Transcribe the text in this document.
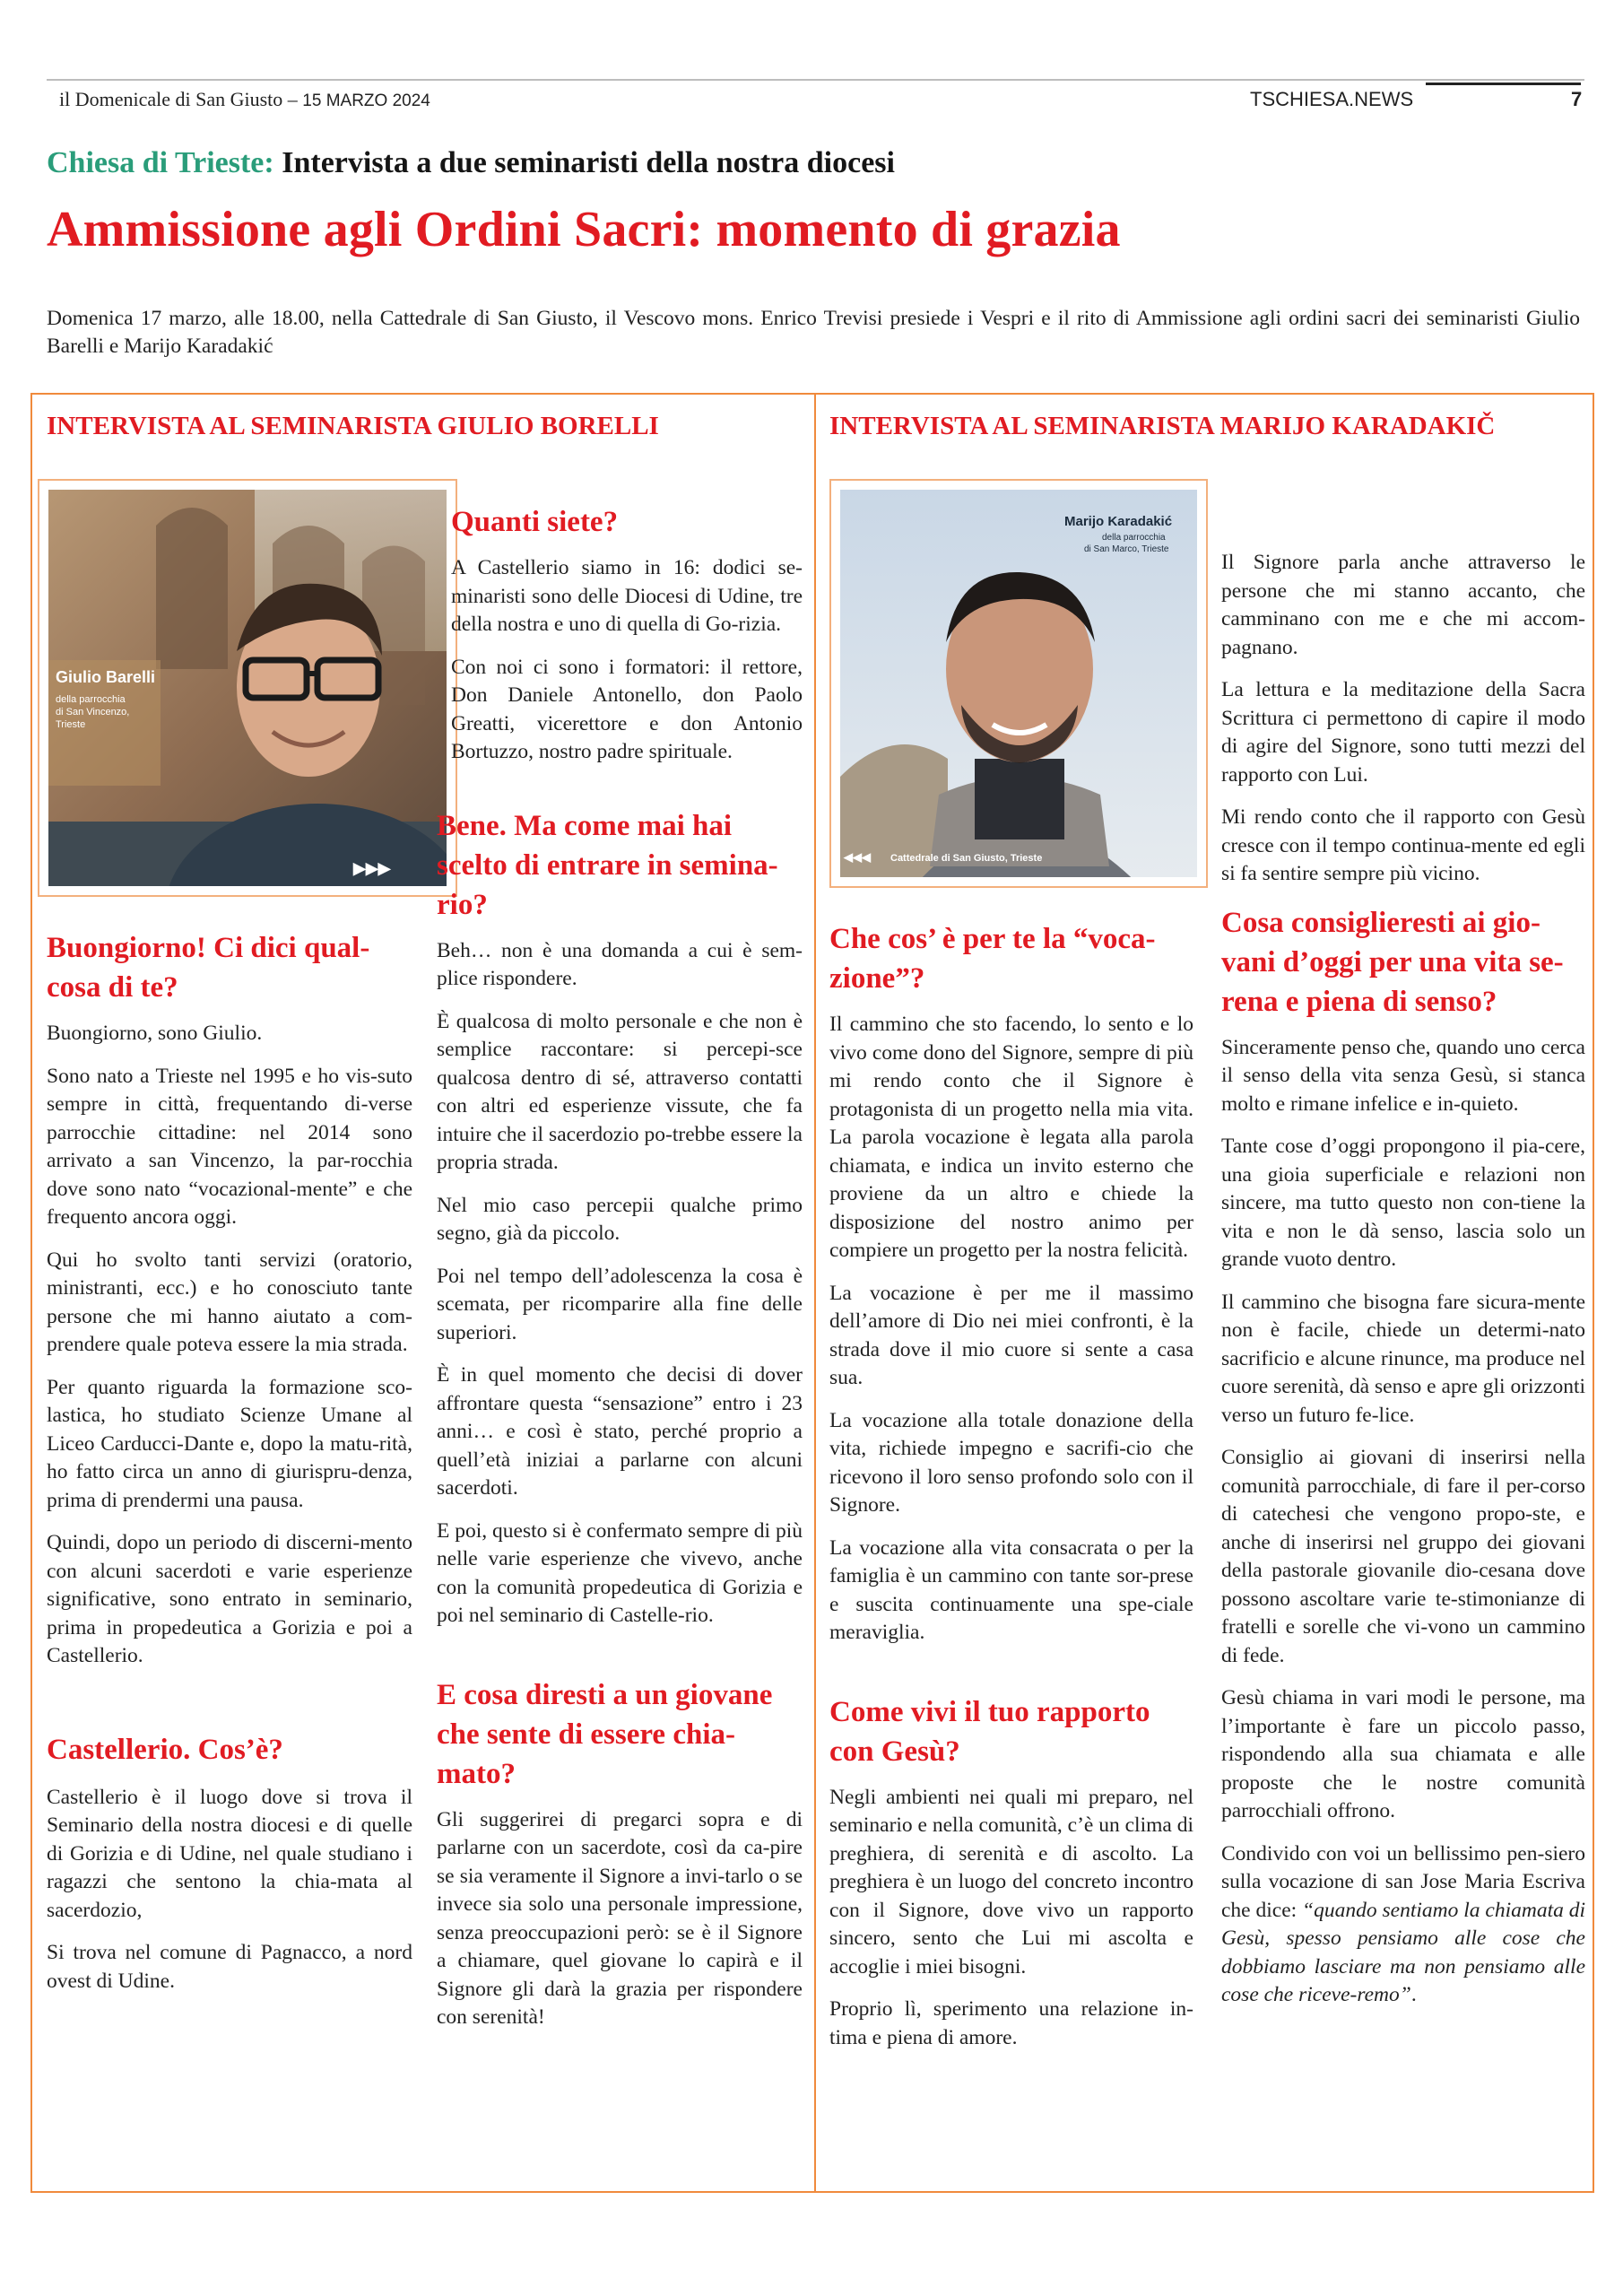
il Domenicale di San Giusto – 15 MARZO 2024	TSCHIESA.NEWS	7
Chiesa di Trieste: Intervista a due seminaristi della nostra diocesi
Ammissione agli Ordini Sacri: momento di grazia
Domenica 17 marzo, alle 18.00, nella Cattedrale di San Giusto, il Vescovo mons. Enrico Trevisi presiede i Vespri e il rito di Ammissione agli ordini sacri dei seminaristi Giulio Barelli e Marijo Karadakić
INTERVISTA AL SEMINARISTA GIULIO BORELLI
Giulio Barelli
della parrocchia
di San Vincenzo,
Trieste
▶▶▶
Buongiorno! Ci dici qual-cosa di te?

Buongiorno, sono Giulio.

Sono nato a Trieste nel 1995 e ho vis-suto sempre in città, frequentando di-verse parrocchie cittadine: nel 2014 sono arrivato a san Vincenzo, la par-rocchia dove sono nato “vocazional-mente” e che frequento ancora oggi.

Qui ho svolto tanti servizi (oratorio, ministranti, ecc.) e ho conosciuto tante persone che mi hanno aiutato a com-prendere quale poteva essere la mia strada.

Per quanto riguarda la formazione sco-lastica, ho studiato Scienze Umane al Liceo Carducci-Dante e, dopo la matu-rità, ho fatto circa un anno di giurispru-denza, prima di prendermi una pausa.

Quindi, dopo un periodo di discerni-mento con alcuni sacerdoti e varie esperienze significative, sono entrato in seminario, prima in propedeutica a Gorizia e poi a Castellerio.

Castellerio. Cos’è?

Castellerio è il luogo dove si trova il Seminario della nostra diocesi e di quelle di Gorizia e di Udine, nel quale studiano i ragazzi che sentono la chia-mata al sacerdozio,

Si trova nel comune di Pagnacco, a nord ovest di Udine.

Quanti siete?

A Castellerio siamo in 16: dodici se-minaristi sono delle Diocesi di Udine, tre della nostra e uno di quella di Go-rizia.

Con noi ci sono i formatori: il rettore, Don Daniele Antonello, don Paolo Greatti, vicerettore e don Antonio Bortuzzo, nostro padre spirituale.

Bene. Ma come mai hai scelto di entrare in semina-rio?

Beh… non è una domanda a cui è sem-plice rispondere.

È qualcosa di molto personale e che non è semplice raccontare: si percepi-sce qualcosa dentro di sé, attraverso contatti con altri ed esperienze vissute, che fa intuire che il sacerdozio po-trebbe essere la propria strada.

Nel mio caso percepii qualche primo segno, già da piccolo.

Poi nel tempo dell’adolescenza la cosa è scemata, per ricomparire alla fine delle superiori.

È in quel momento che decisi di dover affrontare questa “sensazione” entro i 23 anni… e così è stato, perché proprio a quell’età iniziai a parlarne con alcuni sacerdoti.

E poi, questo si è confermato sempre di più nelle varie esperienze che vivevo, anche con la comunità propedeutica di Gorizia e poi nel seminario di Castelle-rio.

E cosa diresti a un giovane che sente di essere chia-mato?

Gli suggerirei di pregarci sopra e di parlarne con un sacerdote, così da ca-pire se sia veramente il Signore a invi-tarlo o se invece sia solo una personale impressione, senza preoccupazioni però: se è il Signore a chiamare, quel giovane lo capirà e il Signore gli darà la grazia per rispondere con serenità!

INTERVISTA AL SEMINARISTA MARIJO KARADAKIČ
Marijo Karadakić
della parrocchia
di San Marco, Trieste
◀◀◀ Cattedrale di San Giusto, Trieste
Che cos’ è per te la “voca-zione”?

Il cammino che sto facendo, lo sento e lo vivo come dono del Signore, sempre di più mi rendo conto che il Signore è protagonista di un progetto nella mia vita. La parola vocazione è legata alla parola chiamata, e indica un invito esterno che proviene da un altro e chiede la disposizione del nostro animo per compiere un progetto per la nostra felicità.

La vocazione è per me il massimo dell’amore di Dio nei miei confronti, è la strada dove il mio cuore si sente a casa sua.

La vocazione alla totale donazione della vita, richiede impegno e sacrifi-cio che ricevono il loro senso profondo solo con il Signore.

La vocazione alla vita consacrata o per la famiglia è un cammino con tante sor-prese e suscita continuamente una spe-ciale meraviglia.

Come vivi il tuo rapporto con Gesù?

Negli ambienti nei quali mi preparo, nel seminario e nella comunità, c’è un clima di preghiera, di serenità e di ascolto. La preghiera è un luogo del concreto incontro con il Signore, dove vivo un rapporto sincero, sento che Lui mi ascolta e accoglie i miei bisogni.

Proprio lì, sperimento una relazione in-tima e piena di amore.

Il Signore parla anche attraverso le persone che mi stanno accanto, che camminano con me e che mi accom-pagnano.

La lettura e la meditazione della Sacra Scrittura ci permettono di capire il modo di agire del Signore, sono tutti mezzi del rapporto con Lui.

Mi rendo conto che il rapporto con Gesù cresce con il tempo continua-mente ed egli si fa sentire sempre più vicino.

Cosa consiglieresti ai gio-vani d’oggi per una vita se-rena e piena di senso?

Sinceramente penso che, quando uno cerca il senso della vita senza Gesù, si stanca molto e rimane infelice e in-quieto.

Tante cose d’oggi propongono il pia-cere, una gioia superficiale e relazioni non sincere, ma tutto questo non con-tiene la vita e non le dà senso, lascia solo un grande vuoto dentro.

Il cammino che bisogna fare sicura-mente non è facile, chiede un determi-nato sacrificio e alcune rinunce, ma produce nel cuore serenità, dà senso e apre gli orizzonti verso un futuro fe-lice.

Consiglio ai giovani di inserirsi nella comunità parrocchiale, di fare il per-corso di catechesi che vengono propo-ste, e anche di inserirsi nel gruppo dei giovani della pastorale giovanile dio-cesana dove possono ascoltare varie te-stimonianze di fratelli e sorelle che vi-vono un cammino di fede.

Gesù chiama in vari modi le persone, ma l’importante è fare un piccolo passo, rispondendo alla sua chiamata e alle proposte che le nostre comunità parrocchiali offrono.

Condivido con voi un bellissimo pen-siero sulla vocazione di san Jose Maria Escriva che dice: “quando sentiamo la chiamata di Gesù, spesso pensiamo alle cose che dobbiamo lasciare ma non pensiamo alle cose che riceve-remo”.
